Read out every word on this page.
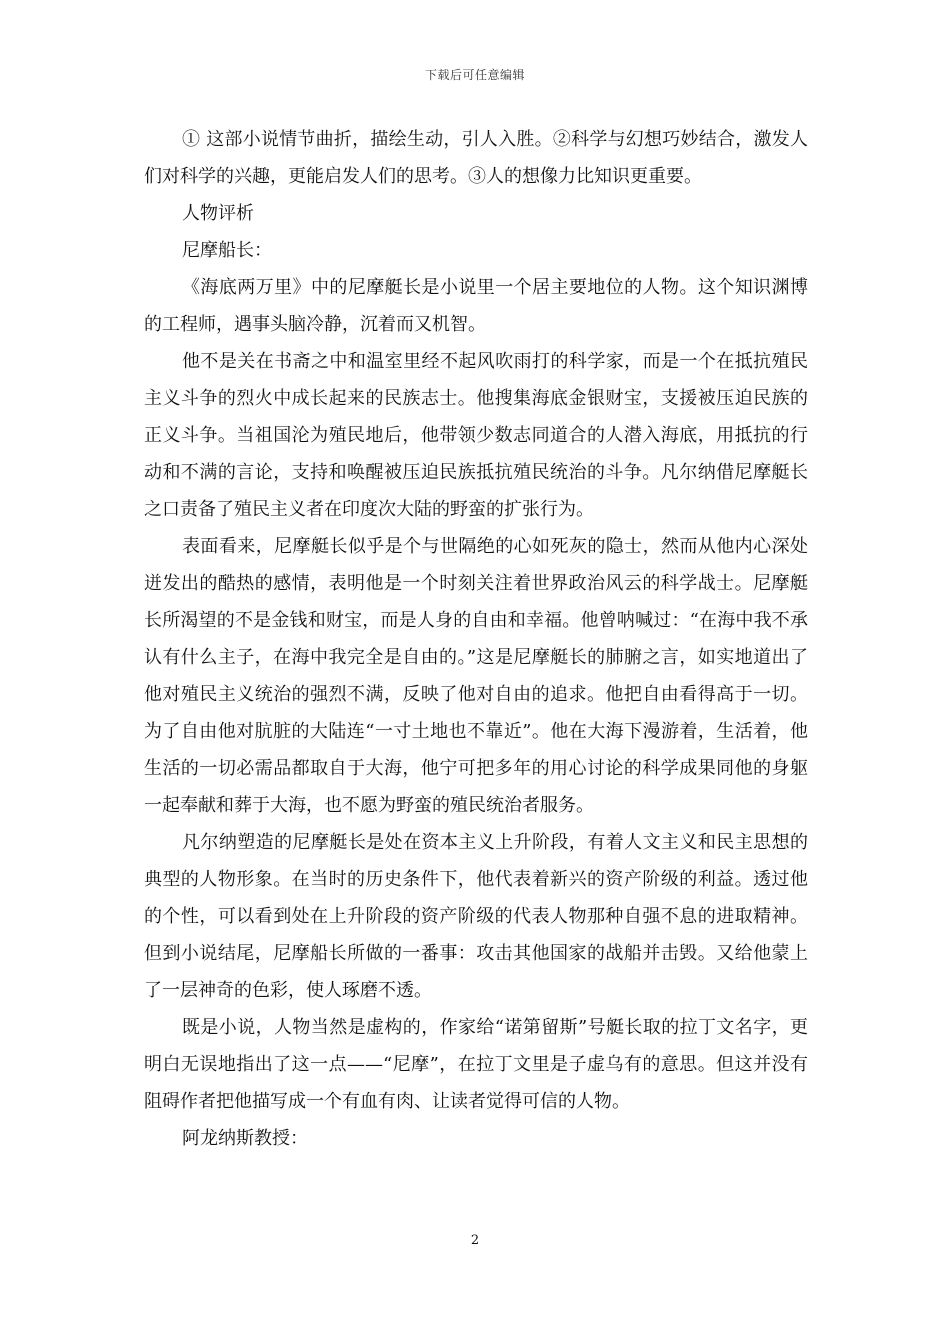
下载后可任意编辑

① 这部小说情节曲折，描绘生动，引人入胜。②科学与幻想巧妙结合，激发人们对科学的兴趣，更能启发人们的思考。③人的想像力比知识更重要。

人物评析

尼摩船长：

《海底两万里》中的尼摩艇长是小说里一个居主要地位的人物。这个知识渊博的工程师，遇事头脑冷静，沉着而又机智。

他不是关在书斋之中和温室里经不起风吹雨打的科学家，而是一个在抵抗殖民主义斗争的烈火中成长起来的民族志士。他搜集海底金银财宝，支援被压迫民族的正义斗争。当祖国沦为殖民地后，他带领少数志同道合的人潜入海底，用抵抗的行动和不满的言论，支持和唤醒被压迫民族抵抗殖民统治的斗争。凡尔纳借尼摩艇长之口责备了殖民主义者在印度次大陆的野蛮的扩张行为。

表面看来，尼摩艇长似乎是个与世隔绝的心如死灰的隐士，然而从他内心深处迸发出的酷热的感情，表明他是一个时刻关注着世界政治风云的科学战士。尼摩艇长所渴望的不是金钱和财宝，而是人身的自由和幸福。他曾呐喊过：“在海中我不承认有什么主子，在海中我完全是自由的。”这是尼摩艇长的肺腑之言，如实地道出了他对殖民主义统治的强烈不满，反映了他对自由的追求。他把自由看得高于一切。为了自由他对肮脏的大陆连“一寸土地也不靠近”。他在大海下漫游着，生活着，他生活的一切必需品都取自于大海，他宁可把多年的用心讨论的科学成果同他的身躯一起奉献和葬于大海，也不愿为野蛮的殖民统治者服务。

凡尔纳塑造的尼摩艇长是处在资本主义上升阶段，有着人文主义和民主思想的典型的人物形象。在当时的历史条件下，他代表着新兴的资产阶级的利益。透过他的个性，可以看到处在上升阶段的资产阶级的代表人物那种自强不息的进取精神。但到小说结尾，尼摩船长所做的一番事：攻击其他国家的战船并击毁。又给他蒙上了一层神奇的色彩，使人琢磨不透。

既是小说，人物当然是虚构的，作家给“诺第留斯”号艇长取的拉丁文名字，更明白无误地指出了这一点——“尼摩”，在拉丁文里是子虚乌有的意思。但这并没有阻碍作者把他描写成一个有血有肉、让读者觉得可信的人物。

阿龙纳斯教授：

2
